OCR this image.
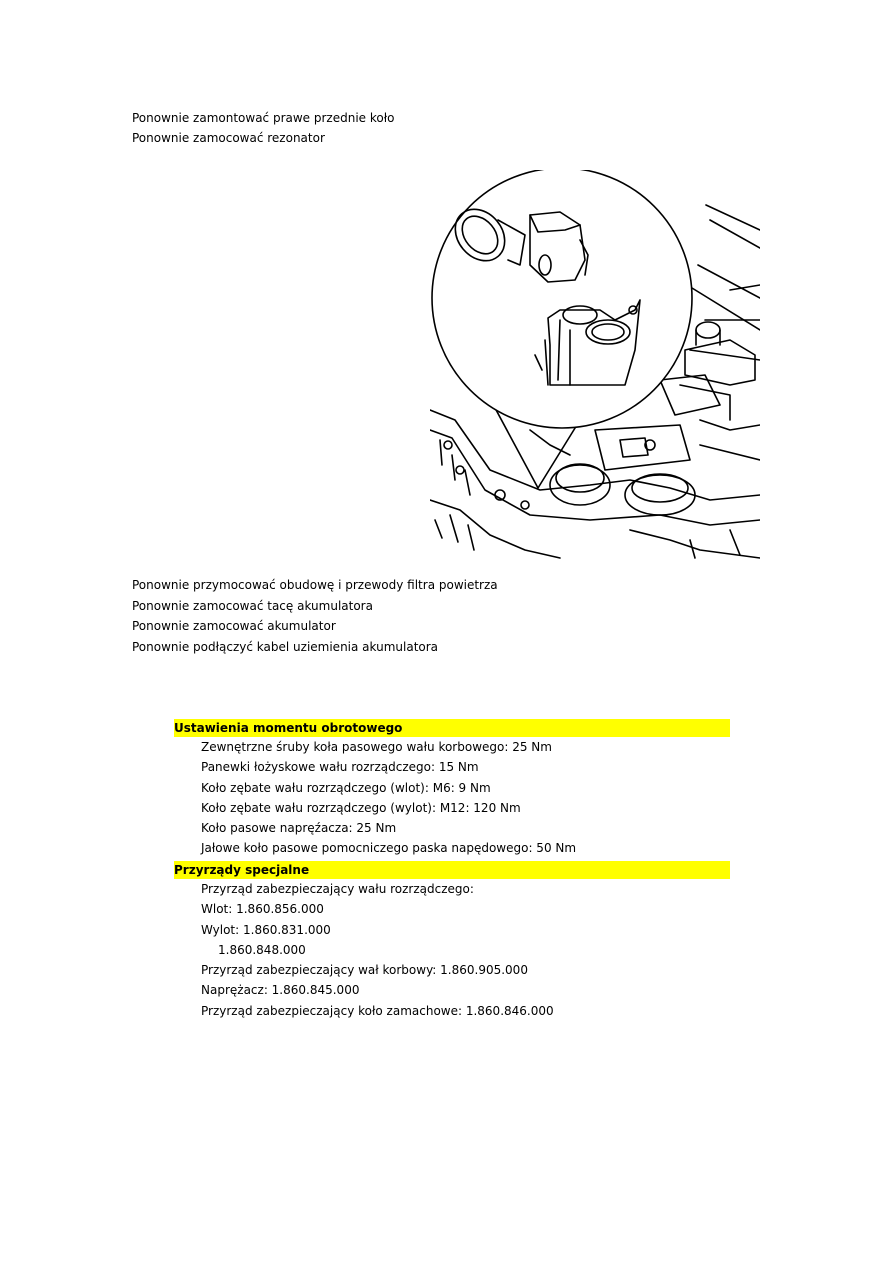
Ponownie zamontować prawe przednie koło
Ponownie zamocować rezonator
Ponownie przymocować obudowę i przewody filtra powietrza
Ponownie zamocować tacę akumulatora
Ponownie zamocować akumulator
Ponownie podłączyć kabel uziemienia akumulatora
Ustawienia momentu obrotowego
Zewnętrzne śruby koła pasowego wału korbowego: 25 Nm
Panewki łożyskowe wału rozrządczego: 15 Nm
Koło zębate wału rozrządczego (wlot): M6: 9 Nm
Koło zębate wału rozrządczego (wylot): M12: 120 Nm
Koło pasowe napręźacza: 25 Nm
Jałowe koło pasowe pomocniczego paska napędowego: 50 Nm
Przyrządy specjalne
Przyrząd zabezpieczający wału rozrządczego:
Wlot: 1.860.856.000
Wylot: 1.860.831.000
1.860.848.000
Przyrząd zabezpieczający wał korbowy: 1.860.905.000
Naprężacz: 1.860.845.000
Przyrząd zabezpieczający koło zamachowe: 1.860.846.000
